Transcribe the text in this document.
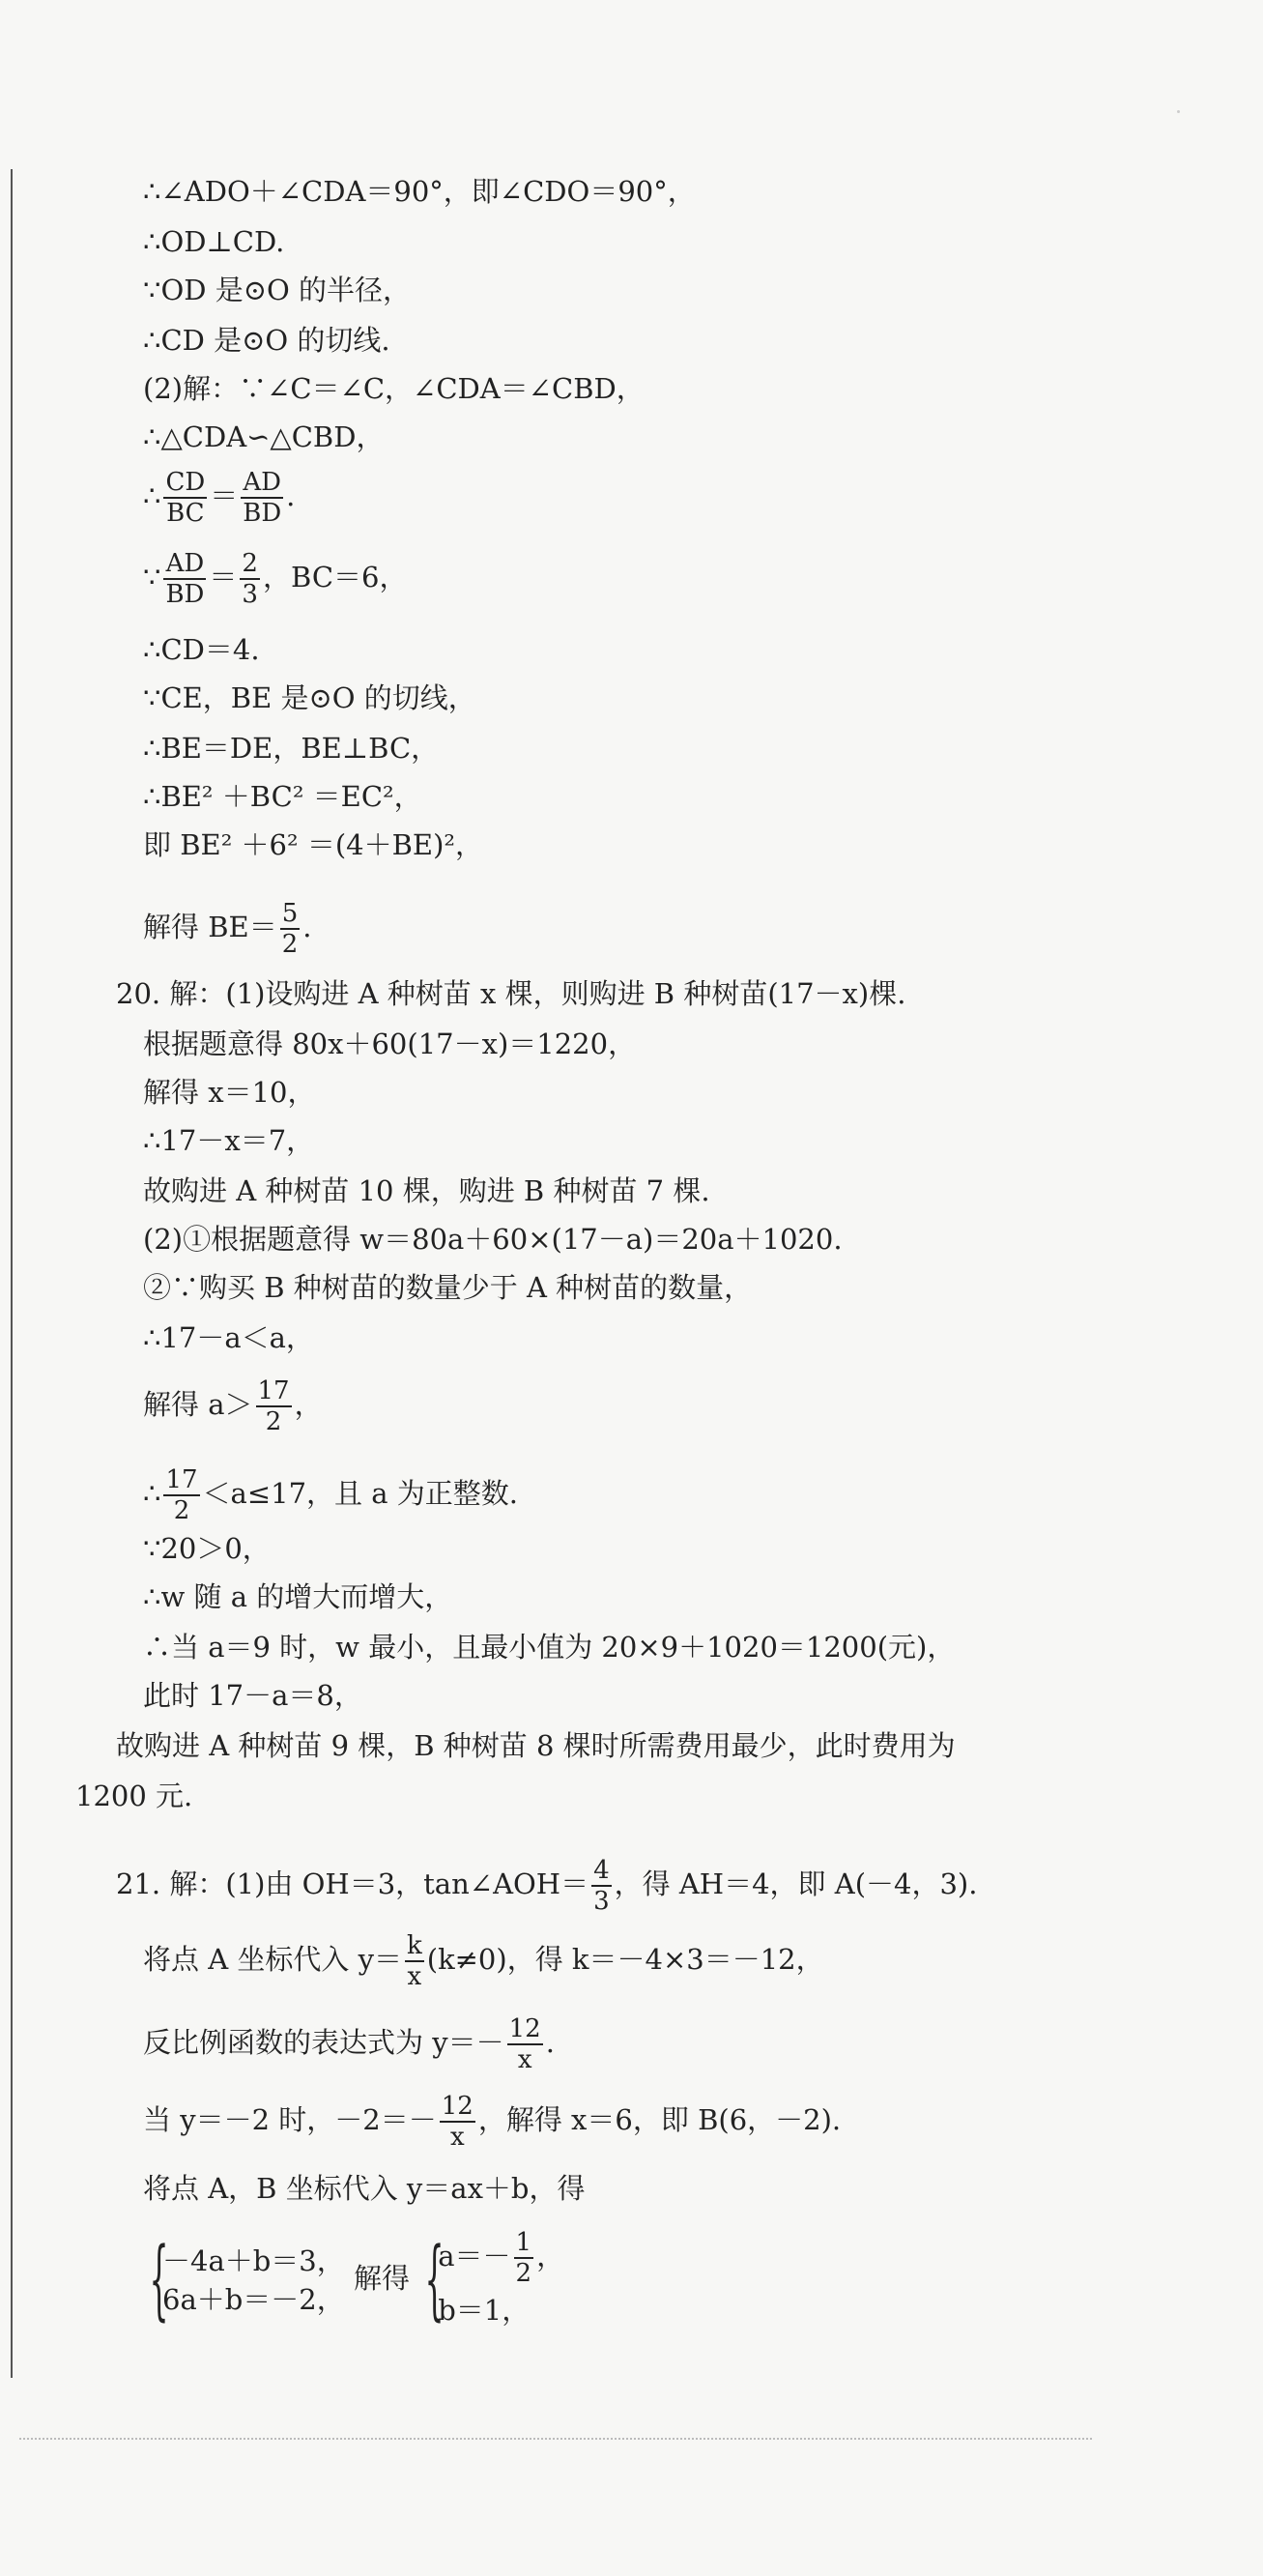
∴∠ADO＋∠CDA＝90°，即∠CDO＝90°，
∴OD⊥CD.
∵OD 是⊙O 的半径，
∴CD 是⊙O 的切线.
(2)解：∵∠C＝∠C，∠CDA＝∠CBD，
∴△CDA∽△CBD，
∴ $\frac{CD}{BC} = \frac{AD}{BD}$ .
∵ $\frac{AD}{BD} = \frac{2}{3}$ ，BC＝6，
∴CD＝4.
∵CE，BE 是⊙O 的切线，
∴BE＝DE，BE⊥BC，
∴BE² ＋BC² ＝EC²，
即 BE² ＋6² ＝(4＋BE)²，
解得 $BE= \frac{5}{2}$ .
20. 解：(1)设购进 A 种树苗 x 棵，则购进 B 种树苗(17－x)棵.
根据题意得 80x＋60(17－x)＝1220，
解得 x＝10，
∴17－x＝7，
故购进 A 种树苗 10 棵，购进 B 种树苗 7 棵.
(2)①根据题意得 w＝80a＋60×(17－a)＝20a＋1020.
②∵购买 B 种树苗的数量少于 A 种树苗的数量，
∴17－a＜a，
解得 $a> \frac{17}{2}$ ，
∴ $\frac{17}{2} <a\le 17$，且 a 为正整数.
∵20＞0，
∴w 随 a 的增大而增大，
∴当 a＝9 时，w 最小，且最小值为 20×9＋1020＝1200(元)，
此时 17－a＝8，
故购进 A 种树苗 9 棵，B 种树苗 8 棵时所需费用最少，此时费用为
1200 元.
21. 解：(1)由 OH＝3，tan∠AOH＝ $\frac{4}{3}$ ，得 AH＝4，即 A(－4，3).
将点 A 坐标代入 $y= \frac{k}{x} (k\ne 0)$，得 k＝－4×3＝－12，
反比例函数的表达式为 $y=- \frac{12}{x}$ .
当 y＝－2 时，$-2=- \frac{12}{x}$ ，解得 x＝6，即 B(6，－2).
将点 A，B 坐标代入 y＝ax＋b，得
{
－4a＋b＝3，
6a＋b＝－2，
解得 {
$a=- \frac{1}{2}$ ，
b＝1，
